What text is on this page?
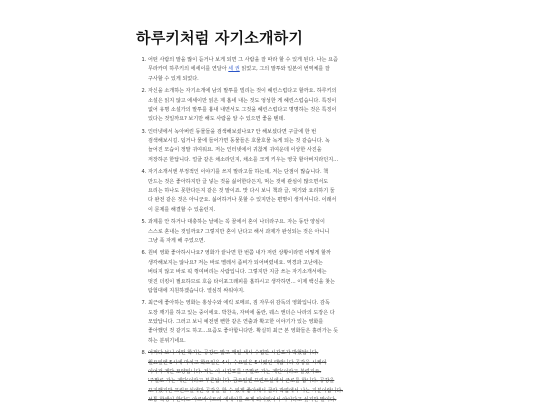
하루키처럼 자기소개하기
1. 어떤 사람의 말을 많이 듣거나 보게 되면 그 사람을 잘 따라 할 수 있게 된다. 나는 요즘
무라카미 하루키의 에세이를 연달아 세 권 읽었고, 그의 말투와 일본어 번역체를 잘
구사할 수 있게 되었다.
2. 자신을 소개하는 자기소개에 남의 말투를 빌리는 것이 헤린스럽다고 할까요. 하루키의
소설은 읽지 않고 에세이만 읽은 제 홈네 내는 것도 엉성한 게 헤린스럽습니다. 특징이
없어 유명 소설가의 말투를 흉내 내면서도 그것을 헤린스럽다고 명명하는 것은 특징이
있다는 것일까요? 보기만 해도 사람을 알 수 있으면 좋을 텐데.
3. 인터넷에서 녹아버린 동물들을 검색해보셨나요? 안 해보셨다면 구글에 한 번
검색해보시길. 덥거나 물에 들어가면 동물들은 호물호물 녹게 되는 것 같습니다. 녹
늘어진 모습이 정말 귀여워요. 저는 인터넷에서 귀찮게 귀여운데 이상한 사진을
저장하곤 한답니다. 얼굴 같은 채소라던지, 채소를 크게 키우는 영국 할아버지라던지…
4. 자기소개서엔 부정적인 이야기를 쓰지 말라고들 하는데, 저는 단점이 많습니다. 책
만드는 것은 좋아하지만 글 넣는 것을 싫어한다든지, 먹는 것에 관심이 많으면서도
요리는 하나도 못한다든지 같은 것 말이죠. 맛 다시 보니 책과 글, 먹기와 요리하기 둘
다 완전 같은 것은 아니군요. 싫어하거나 못할 수 있지만는 편명이 생겨서니다. 이래서
이 문제를 해결할 수 있을런지.
5. 과제를 안 하거나 대충하는 날에는 꼭 꿈에서 혼이 나더라구요. 자는 동안 양심이
스스로 혼내는 것일까요? 그렇지만 혼이 난다고 해서 과제가 완성되는 것은 아니니
그냥 푹 자게 해 주었으면.
6. 원비 영화 좋아하시나요? 영화가 끝나면 한 번쯤 내가 저런 상황이라면 어떻게 할까
생각해보지는 않나요? 저는 바로 멜레서 좀비가 되어버렸네요. 역경과 고난에는
버티지 않고 바로 픽 꺾여버리는 사람입니다. 그렇지만 지금 쓰는 자기소개서에는
멋진 더킹이 필요하므로 호음 타이포그래피를 홈하시고 생각하면… 이제 백신을 찾는
탐험대에 지원하겠습니다. 열심히 싸워야지.
7. 최근에 좋아하는 영화는 홍상수와 에릭 로메르, 짐 자무쉬 감독의 영화입니다. 감독
도장 깨기를 하고 있는 중이에요. 박찬욱, 자비에 돌란, 웨스 앤더슨 나라의 도장은 다
모았답니다. 그러고 보니 예전엔 뻔한 같은 연출과 확고한 이야기가 있는 영화를
좋아했던 것 같기도 하고…요즘도 좋아합니다만. 확실히 최근 본 영화들은 흘러가는 듯
하는 분위기네요.
8. 어쩌다 보니 어떤 학기는 공강도 많고 매일 세시 수업만 시간표가 박혔답니다.
월요일엔 5시에 마치고 화요일은 4시, 수요일은 5시였던 때랍니다 공강을 시케이
이어져 계단 모양입니다. 저는 이 시간표를 '주말로 가는 계단'이라고 불렀지요.
'주말로 가는 계단'이라고 부른답니다. 금요일엔 프린트실에서 근로를 합니다. 공강을
포기했지만 프린트실에만 공강을 할 수 있게 좋아해서 골라 작업에서 나는 기분이랍니다.
보통 학생이 한다도 아르바이트의 에세이를 쓰게 되어있어서 아이다고 싶지만 말이다.
